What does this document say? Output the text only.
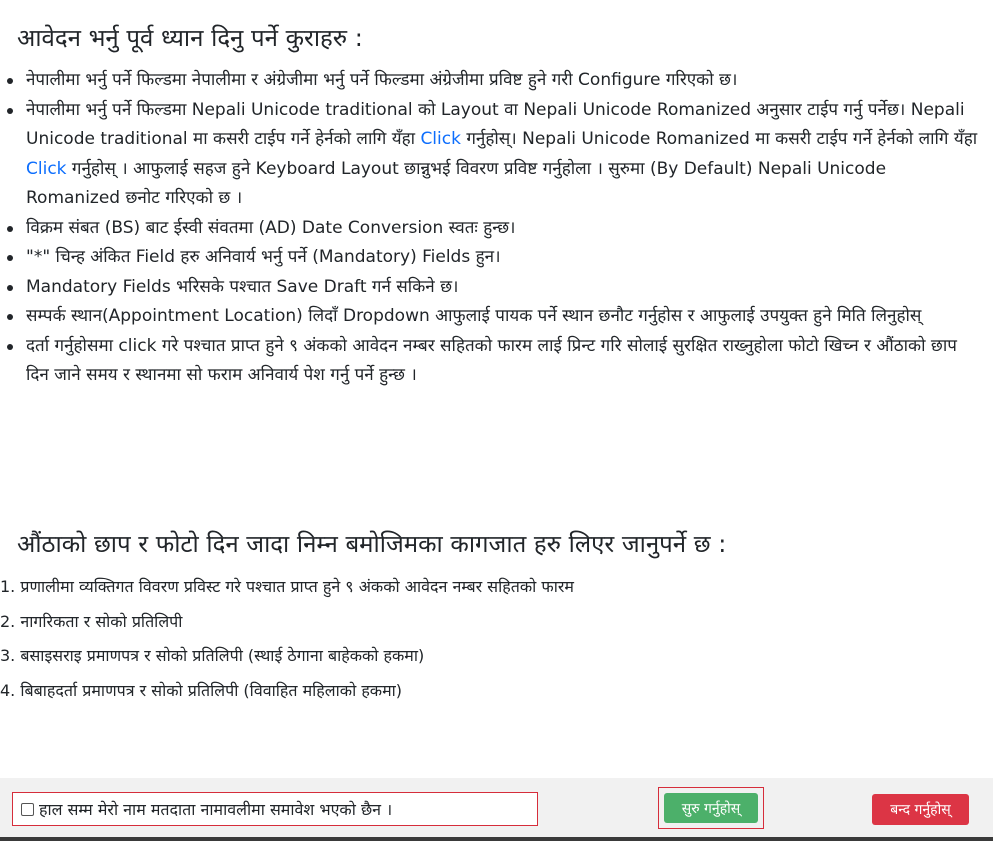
आवेदन भर्नु पूर्व ध्यान दिनु पर्ने कुराहरु :
नेपालीमा भर्नु पर्ने फिल्डमा नेपालीमा र अंग्रेजीमा भर्नु पर्ने फिल्डमा अंग्रेजीमा प्रविष्ट हुने गरी Configure गरिएको छ।
नेपालीमा भर्नु पर्ने फिल्डमा Nepali Unicode traditional को Layout वा Nepali Unicode Romanized अनुसार टाईप गर्नु पर्नेछ। Nepali Unicode traditional मा कसरी टाईप गर्ने हेर्नको लागि यँहा Click गर्नुहोस्। Nepali Unicode Romanized मा कसरी टाईप गर्ने हेर्नको लागि यँहा Click गर्नुहोस् । आफुलाई सहज हुने Keyboard Layout छान्नुभई विवरण प्रविष्ट गर्नुहोला । सुरुमा (By Default) Nepali Unicode Romanized छनोट गरिएको छ ।
विक्रम संबत (BS) बाट ईस्वी संवतमा (AD) Date Conversion स्वतः हुन्छ।
"*" चिन्ह अंकित Field हरु अनिवार्य भर्नु पर्ने (Mandatory) Fields हुन।
Mandatory Fields भरिसके पश्चात Save Draft गर्न सकिने छ।
सम्पर्क स्थान(Appointment Location) लिदाँ Dropdown आफुलाई पायक पर्ने स्थान छनौट गर्नुहोस र आफुलाई उपयुक्त हुने मिति लिनुहोस्
दर्ता गर्नुहोसमा click गरे पश्चात प्राप्त हुने ९ अंकको आवेदन नम्बर सहितको फारम लाई प्रिन्ट गरि सोलाई सुरक्षित राख्नुहोला फोटो खिच्न र औंठाको छाप दिन जाने समय र स्थानमा सो फराम अनिवार्य पेश गर्नु पर्ने हुन्छ ।
औंठाको छाप र फोटो दिन जादा निम्न बमोजिमका कागजात हरु लिएर जानुपर्ने छ :
1. प्रणालीमा व्यक्तिगत विवरण प्रविस्ट गरे पश्चात प्राप्त हुने ९ अंकको आवेदन नम्बर सहितको फारम
2. नागरिकता र सोको प्रतिलिपी
3. बसाइसराइ प्रमाणपत्र र सोको प्रतिलिपी (स्थाई ठेगाना बाहेकको हकमा)
4. बिबाहदर्ता प्रमाणपत्र र सोको प्रतिलिपी (विवाहित महिलाको हकमा)
हाल सम्म मेरो नाम मतदाता नामावलीमा समावेश भएको छैन ।	सुरु गर्नुहोस्	बन्द गर्नुहोस्
